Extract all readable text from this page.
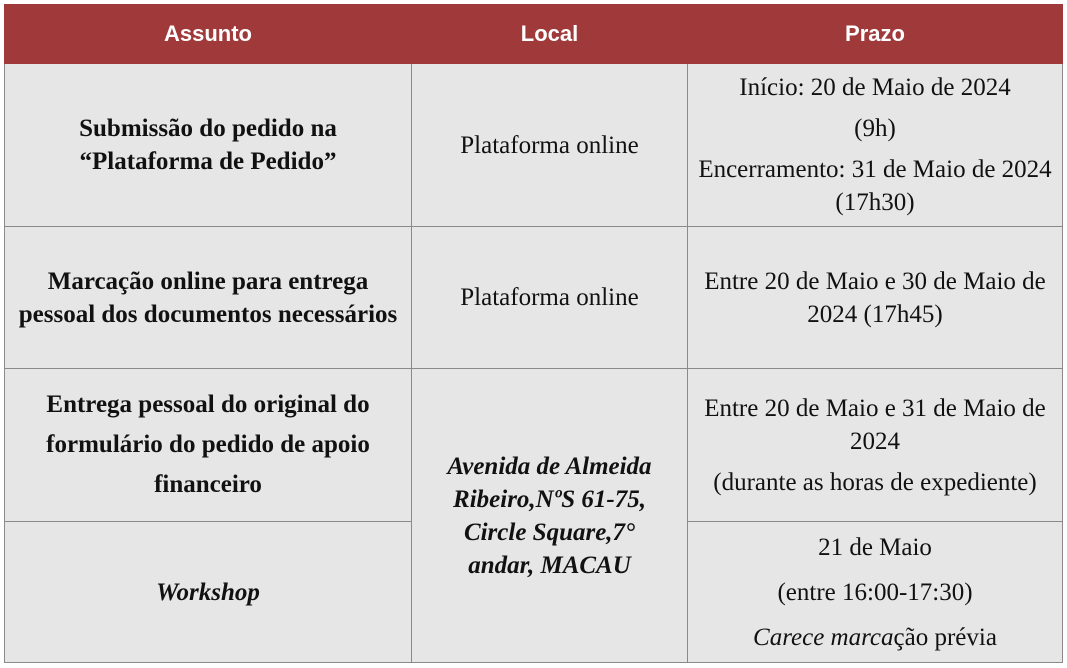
Assunto	Local	Prazo
Submissão do pedido na “Plataforma de Pedido”	Plataforma online	Início: 20 de Maio de 2024
(9h)
Encerramento: 31 de Maio de 2024 (17h30)

Marcação online para entrega pessoal dos documentos necessários	Plataforma online	Entre 20 de Maio e 30 de Maio de 2024 (17h45)
Entrega pessoal do original do formulário do pedido de apoio financeiro	Avenida de Almeida Ribeiro,NºS 61-75, Circle Square,7° andar, MACAU	Entre 20 de Maio e 31 de Maio de 2024
(durante as horas de expediente)

Workshop		21 de Maio
(entre 16:00-17:30)
Carece marcação prévia
